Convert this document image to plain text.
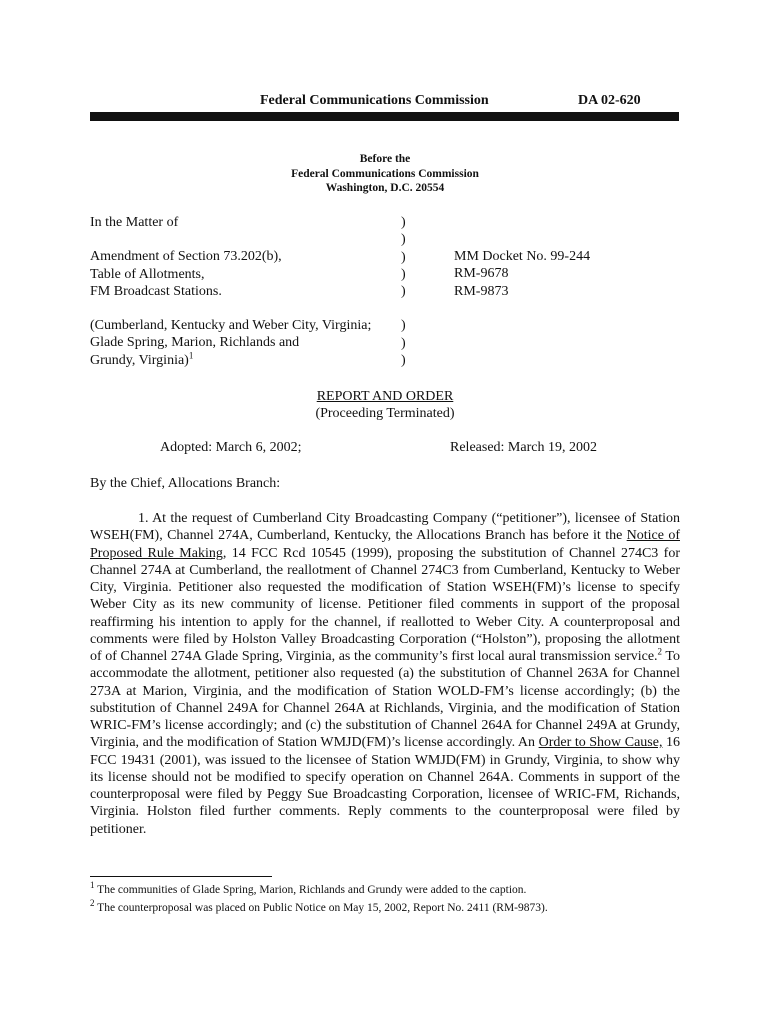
Federal Communications Commission	DA 02-620
Before the
Federal Communications Commission
Washington, D.C. 20554
In the Matter of
Amendment of Section 73.202(b),
Table of Allotments,
FM Broadcast Stations.
(Cumberland, Kentucky and Weber City, Virginia;
Glade Spring, Marion, Richlands and
Grundy, Virginia)$^1$
)
)
)
)
)
)
)
)
MM Docket No. 99-244
RM-9678
RM-9873
REPORT AND ORDER
(Proceeding Terminated)
Adopted: March 6, 2002;	Released: March 19, 2002
By the Chief, Allocations Branch:
1. At the request of Cumberland City Broadcasting Company (“petitioner”), licensee of Station WSEH(FM), Channel 274A, Cumberland, Kentucky, the Allocations Branch has before it the Notice of Proposed Rule Making, 14 FCC Rcd 10545 (1999), proposing the substitution of Channel 274C3 for Channel 274A at Cumberland, the reallotment of Channel 274C3 from Cumberland, Kentucky to Weber City, Virginia. Petitioner also requested the modification of Station WSEH(FM)’s license to specify Weber City as its new community of license. Petitioner filed comments in support of the proposal reaffirming his intention to apply for the channel, if reallotted to Weber City. A counterproposal and comments were filed by Holston Valley Broadcasting Corporation (“Holston”), proposing the allotment of of Channel 274A Glade Spring, Virginia, as the community’s first local aural transmission service.$^2$ To accommodate the allotment, petitioner also requested (a) the substitution of Channel 263A for Channel 273A at Marion, Virginia, and the modification of Station WOLD-FM’s license accordingly; (b) the substitution of Channel 249A for Channel 264A at Richlands, Virginia, and the modification of Station WRIC-FM’s license accordingly; and (c) the substitution of Channel 264A for Channel 249A at Grundy, Virginia, and the modification of Station WMJD(FM)’s license accordingly. An Order to Show Cause, 16 FCC 19431 (2001), was issued to the licensee of Station WMJD(FM) in Grundy, Virginia, to show why its license should not be modified to specify operation on Channel 264A. Comments in support of the counterproposal were filed by Peggy Sue Broadcasting Corporation, licensee of WRIC-FM, Richands, Virginia. Holston filed further comments. Reply comments to the counterproposal were filed by petitioner.
$^1$ The communities of Glade Spring, Marion, Richlands and Grundy were added to the caption.
$^2$ The counterproposal was placed on Public Notice on May 15, 2002, Report No. 2411 (RM-9873).
